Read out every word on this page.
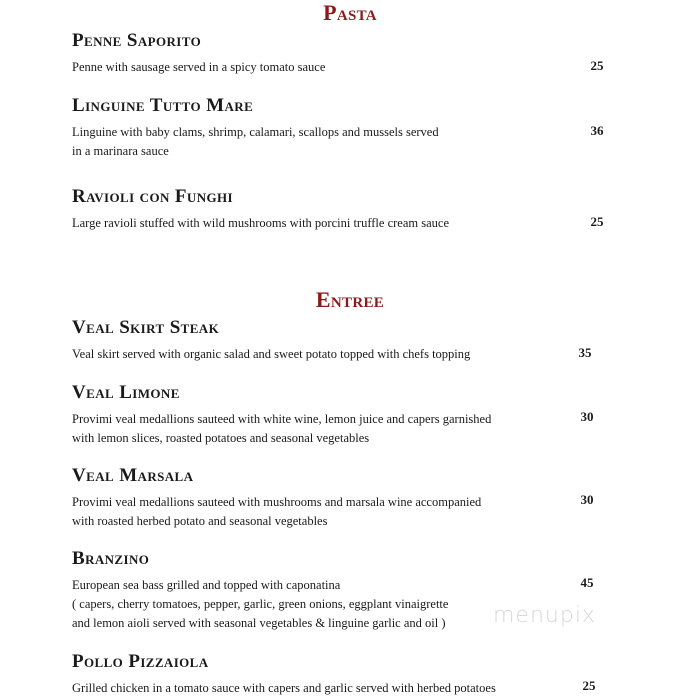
Pasta
Penne Saporito
Penne with sausage served in a spicy tomato sauce	25
Linguine Tutto Mare
Linguine with baby clams, shrimp, calamari, scallops and mussels served
in a marinara sauce
36
Ravioli con Funghi
Large ravioli stuffed with wild mushrooms with porcini truffle cream sauce	25
Entree
Veal Skirt Steak
Veal skirt served with organic salad and sweet potato topped with chefs topping	35
Veal Limone
Provimi veal medallions sauteed with white wine, lemon juice and capers garnished
with lemon slices, roasted potatoes and seasonal vegetables
30
Veal Marsala
Provimi veal medallions sauteed with mushrooms and marsala wine accompanied
with roasted herbed potato and seasonal vegetables
30
Branzino
European sea bass grilled and topped with caponatina
( capers, cherry tomatoes, pepper, garlic, green onions, eggplant vinaigrette
and lemon aioli served with seasonal vegetables & linguine garlic and oil )
45
Pollo Pizzaiola
Grilled chicken in a tomato sauce with capers and garlic served with herbed potatoes	25
menupix
